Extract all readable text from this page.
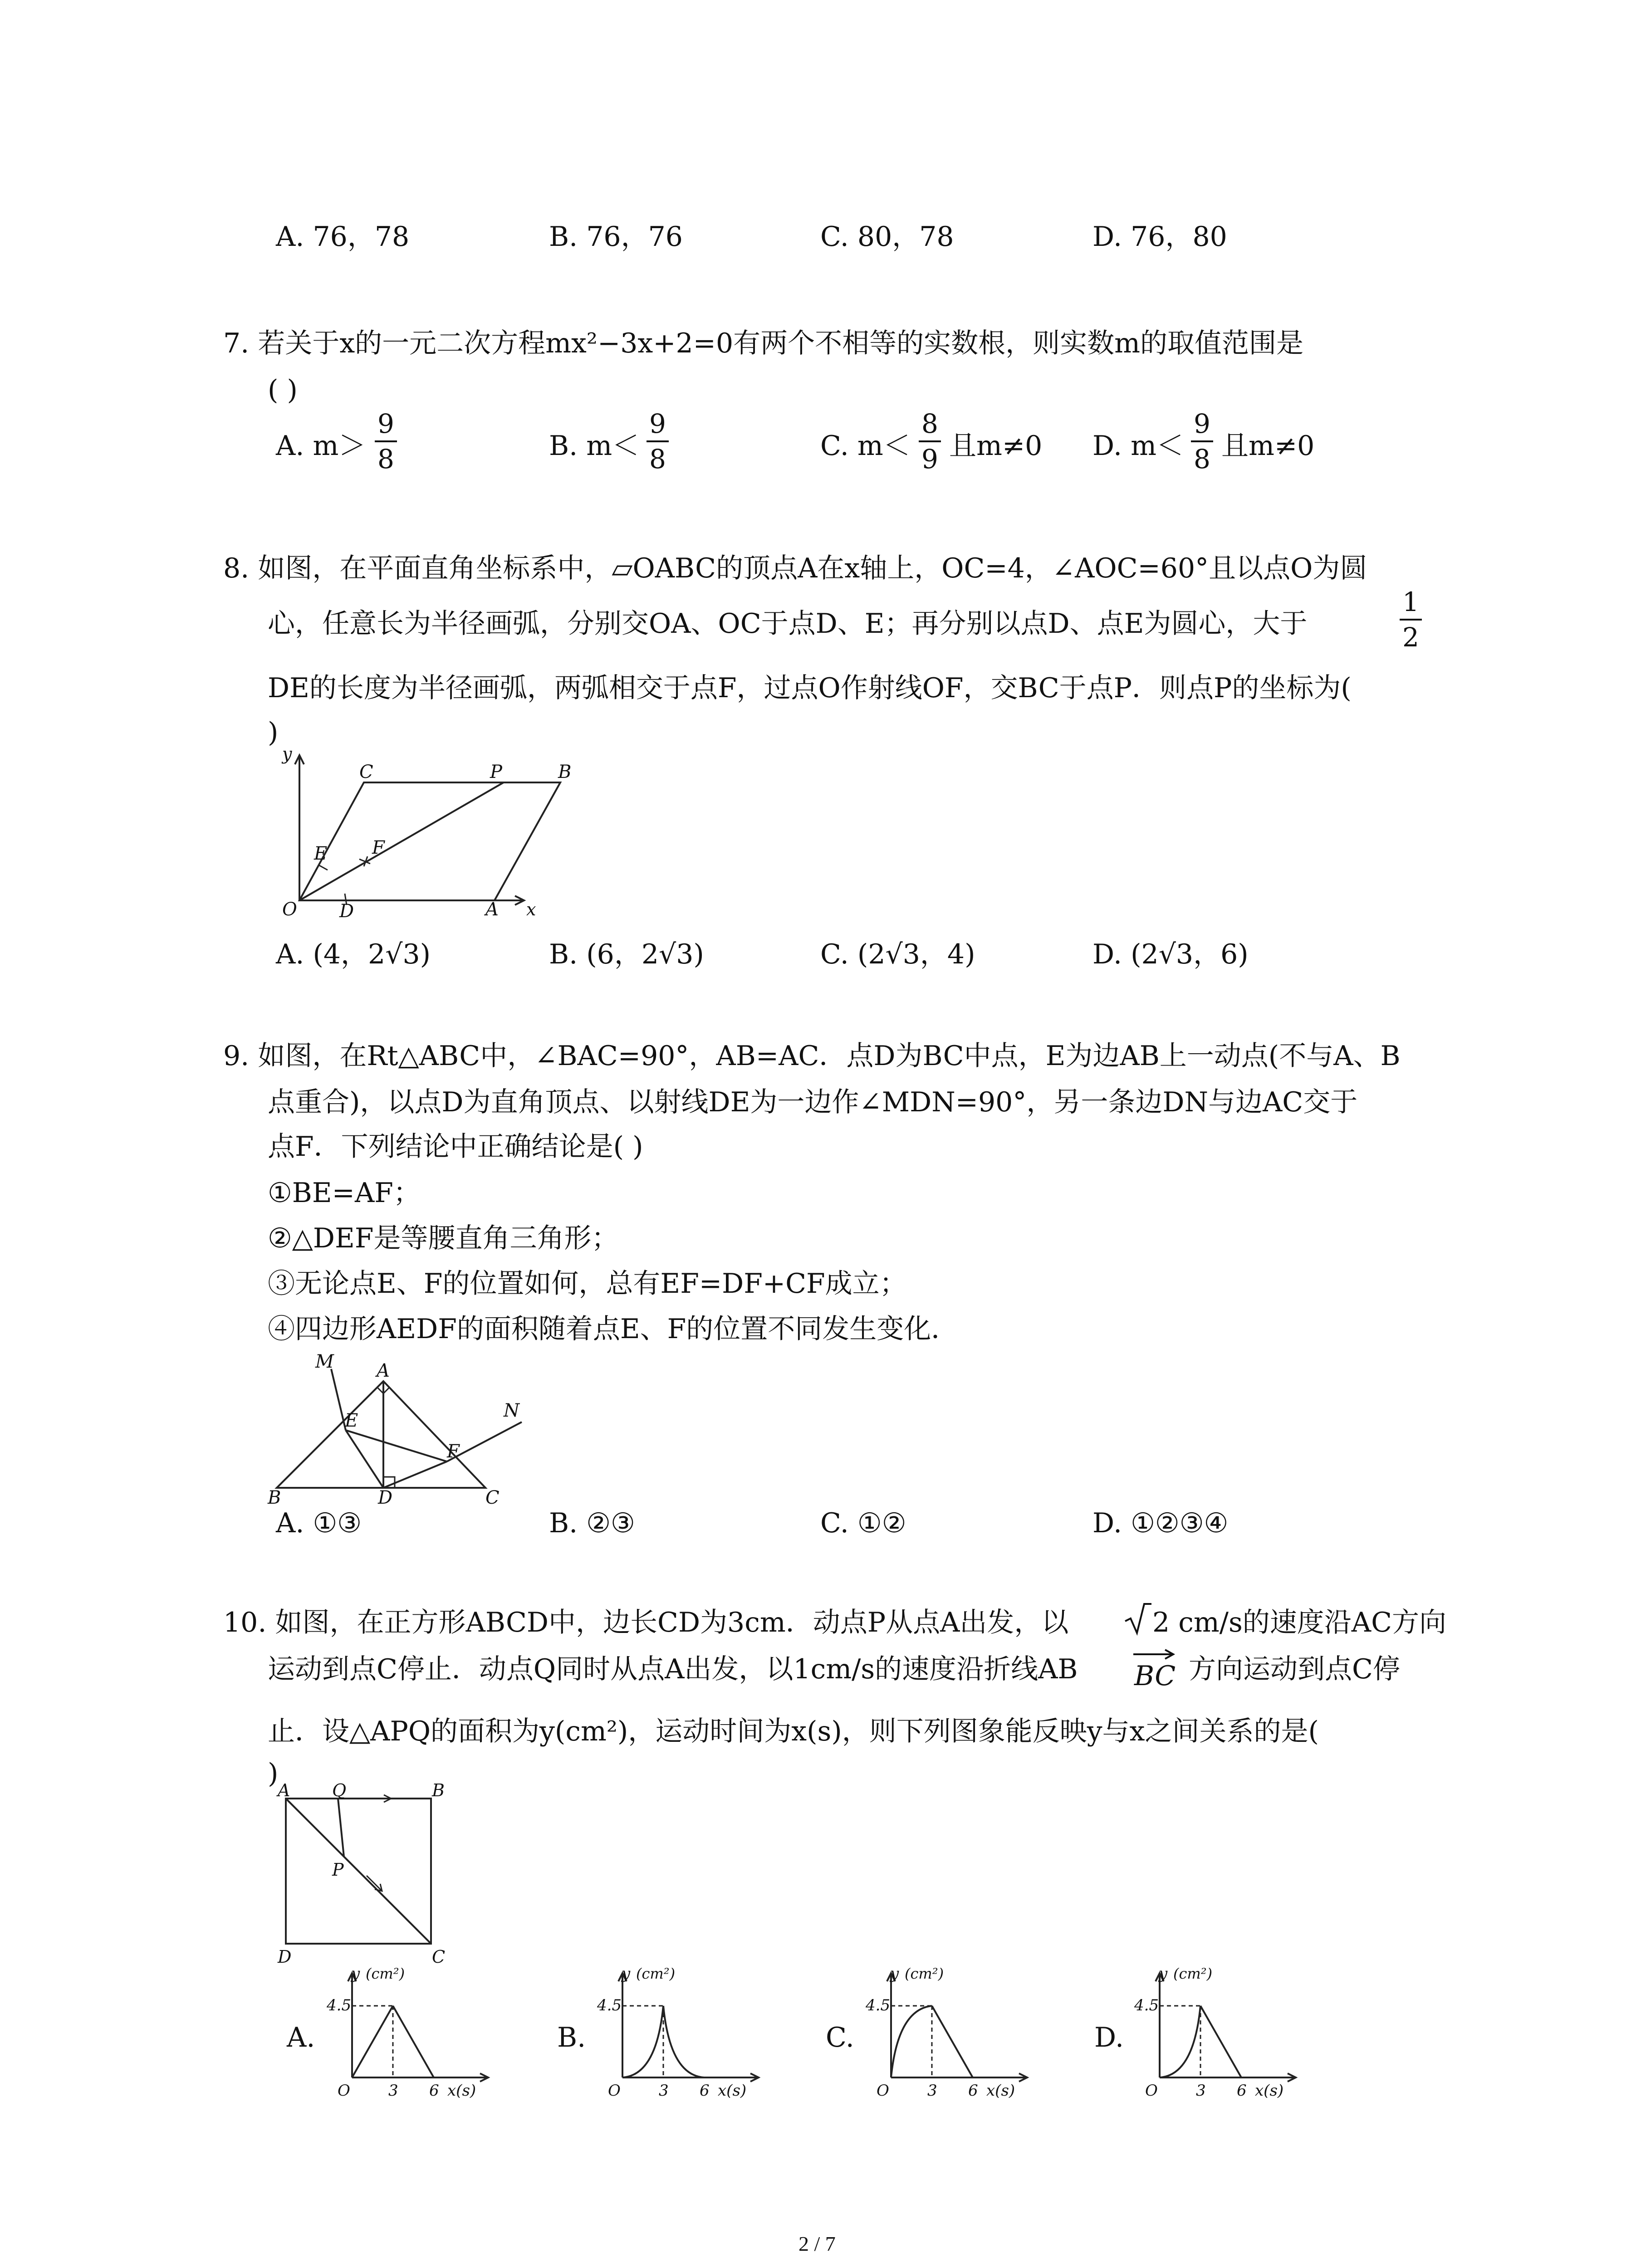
A. 76，78	B. 76，76	C. 80，78	D. 76，80
7. 若关于x的一元二次方程mx²−3x+2=0有两个不相等的实数根，则实数m的取值范围是
( )
A. $m> \frac{9}{8}$	B. $m< \frac{9}{8}$	C. $m< \frac{8}{9}$ 且m≠0 D. $m< \frac{9}{8}$ 且m≠0
8. 如图，在平面直角坐标系中，▱OABC的顶点A在x轴上，OC=4，∠AOC=60°且以点O为圆
心，任意长为半径画弧，分别交OA、OC于点D、E；再分别以点D、点E为圆心，大于	$\frac{1}{2}$
DE的长度为半径画弧，两弧相交于点F，过点O作射线OF，交BC于点P．则点P的坐标为(
)
y
x
O	A
B
C
D
E F
P
A. (4，2√3)	B. (6，2√3)	C. (2√3，4)	D. (2√3，6)
9. 如图，在Rt△ABC中，∠BAC=90°，AB=AC．点D为BC中点，E为边AB上一动点(不与A、B
点重合)，以点D为直角顶点、以射线DE为一边作∠MDN=90°，另一条边DN与边AC交于
点F．下列结论中正确结论是( )
①BE=AF；
②△DEF是等腰直角三角形；
③无论点E、F的位置如何，总有EF=DF+CF成立；
④四边形AEDF的面积随着点E、F的位置不同发生变化．
M A
E	N
F
B	D	C
A. ①③	B. ②③	C. ①②	D. ①②③④
10. 如图，在正方形ABCD中，边长CD为3cm．动点P从点A出发，以	2 cm/s的速度沿AC方向
运动到点C停止．动点Q同时从点A出发，以1cm/s的速度沿折线AB BC 方向运动到点C停
止．设△APQ的面积为y(cm²)，运动时间为x(s)，则下列图象能反映y与x之间关系的是(
)
A Q	B
P
D	C
A.
y (cm²)
4.5
O 3 6 x(s)
B.
y (cm²)
4.5
O 3 6 x(s)
C.
y (cm²)
4.5
O 3 6 x(s)
D.
y (cm²)
4.5
O 3 6 x(s)
2 / 7
